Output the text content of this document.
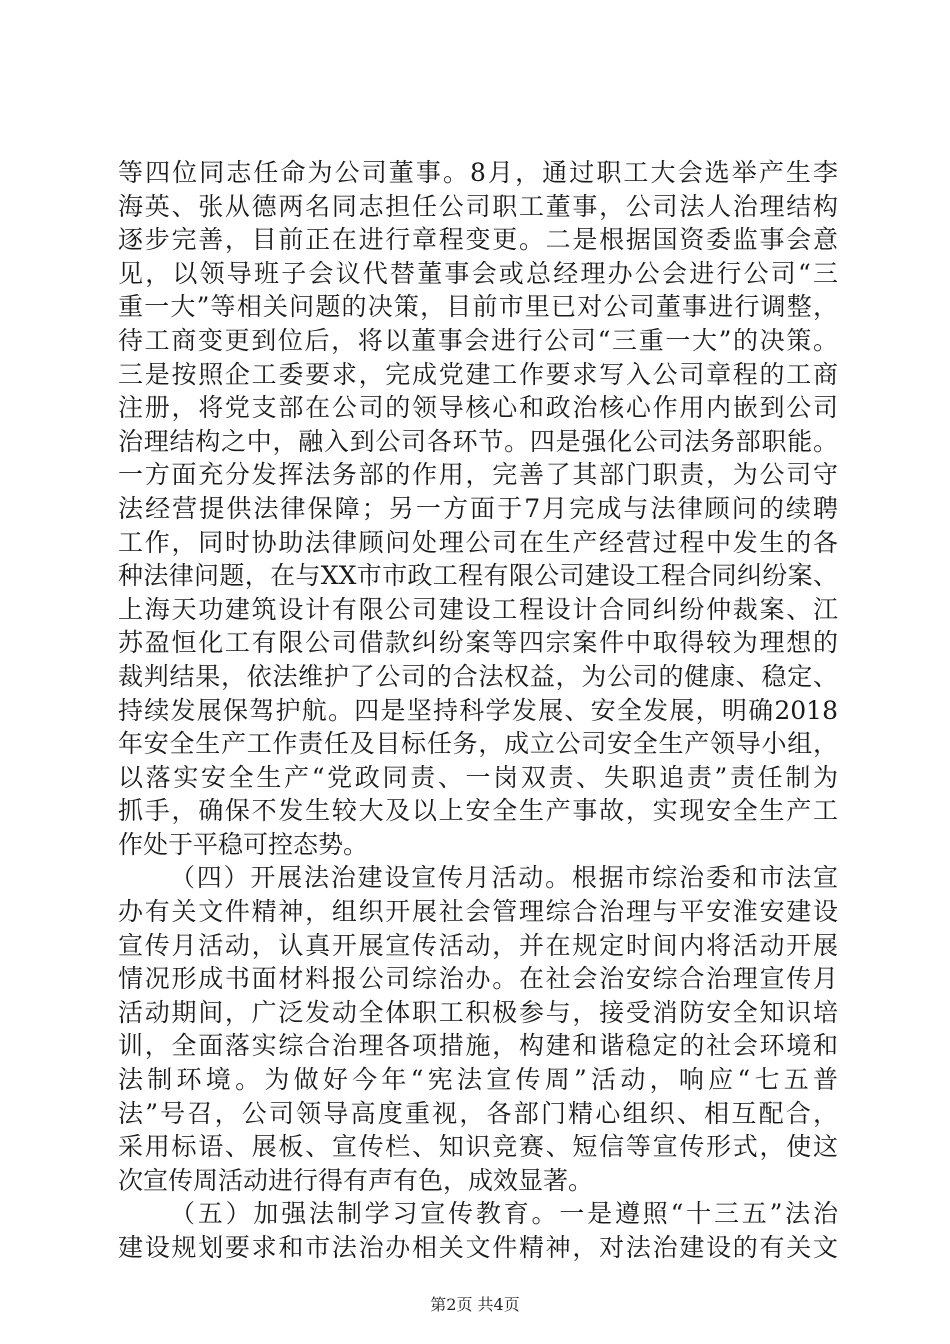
等四位同志任命为公司董事。8月，通过职工大会选举产生李
海英、张从德两名同志担任公司职工董事，公司法人治理结构
逐步完善，目前正在进行章程变更。二是根据国资委监事会意
见，以领导班子会议代替董事会或总经理办公会进行公司“三
重一大”等相关问题的决策，目前市里已对公司董事进行调整，
待工商变更到位后，将以董事会进行公司“三重一大”的决策。
三是按照企工委要求，完成党建工作要求写入公司章程的工商
注册，将党支部在公司的领导核心和政治核心作用内嵌到公司
治理结构之中，融入到公司各环节。四是强化公司法务部职能。
一方面充分发挥法务部的作用，完善了其部门职责，为公司守
法经营提供法律保障；另一方面于7月完成与法律顾问的续聘
工作，同时协助法律顾问处理公司在生产经营过程中发生的各
种法律问题，在与XX市市政工程有限公司建设工程合同纠纷案、
上海天功建筑设计有限公司建设工程设计合同纠纷仲裁案、江
苏盈恒化工有限公司借款纠纷案等四宗案件中取得较为理想的
裁判结果，依法维护了公司的合法权益，为公司的健康、稳定、
持续发展保驾护航。四是坚持科学发展、安全发展，明确2018
年安全生产工作责任及目标任务，成立公司安全生产领导小组，
以落实安全生产“党政同责、一岗双责、失职追责”责任制为
抓手，确保不发生较大及以上安全生产事故，实现安全生产工
作处于平稳可控态势。
（四）开展法治建设宣传月活动。根据市综治委和市法宣
办有关文件精神，组织开展社会管理综合治理与平安淮安建设
宣传月活动，认真开展宣传活动，并在规定时间内将活动开展
情况形成书面材料报公司综治办。在社会治安综合治理宣传月
活动期间，广泛发动全体职工积极参与，接受消防安全知识培
训，全面落实综合治理各项措施，构建和谐稳定的社会环境和
法制环境。为做好今年“宪法宣传周”活动，响应“七五普
法”号召，公司领导高度重视，各部门精心组织、相互配合，
采用标语、展板、宣传栏、知识竞赛、短信等宣传形式，使这
次宣传周活动进行得有声有色，成效显著。
（五）加强法制学习宣传教育。一是遵照“十三五”法治
建设规划要求和市法治办相关文件精神，对法治建设的有关文
第2页 共4页
